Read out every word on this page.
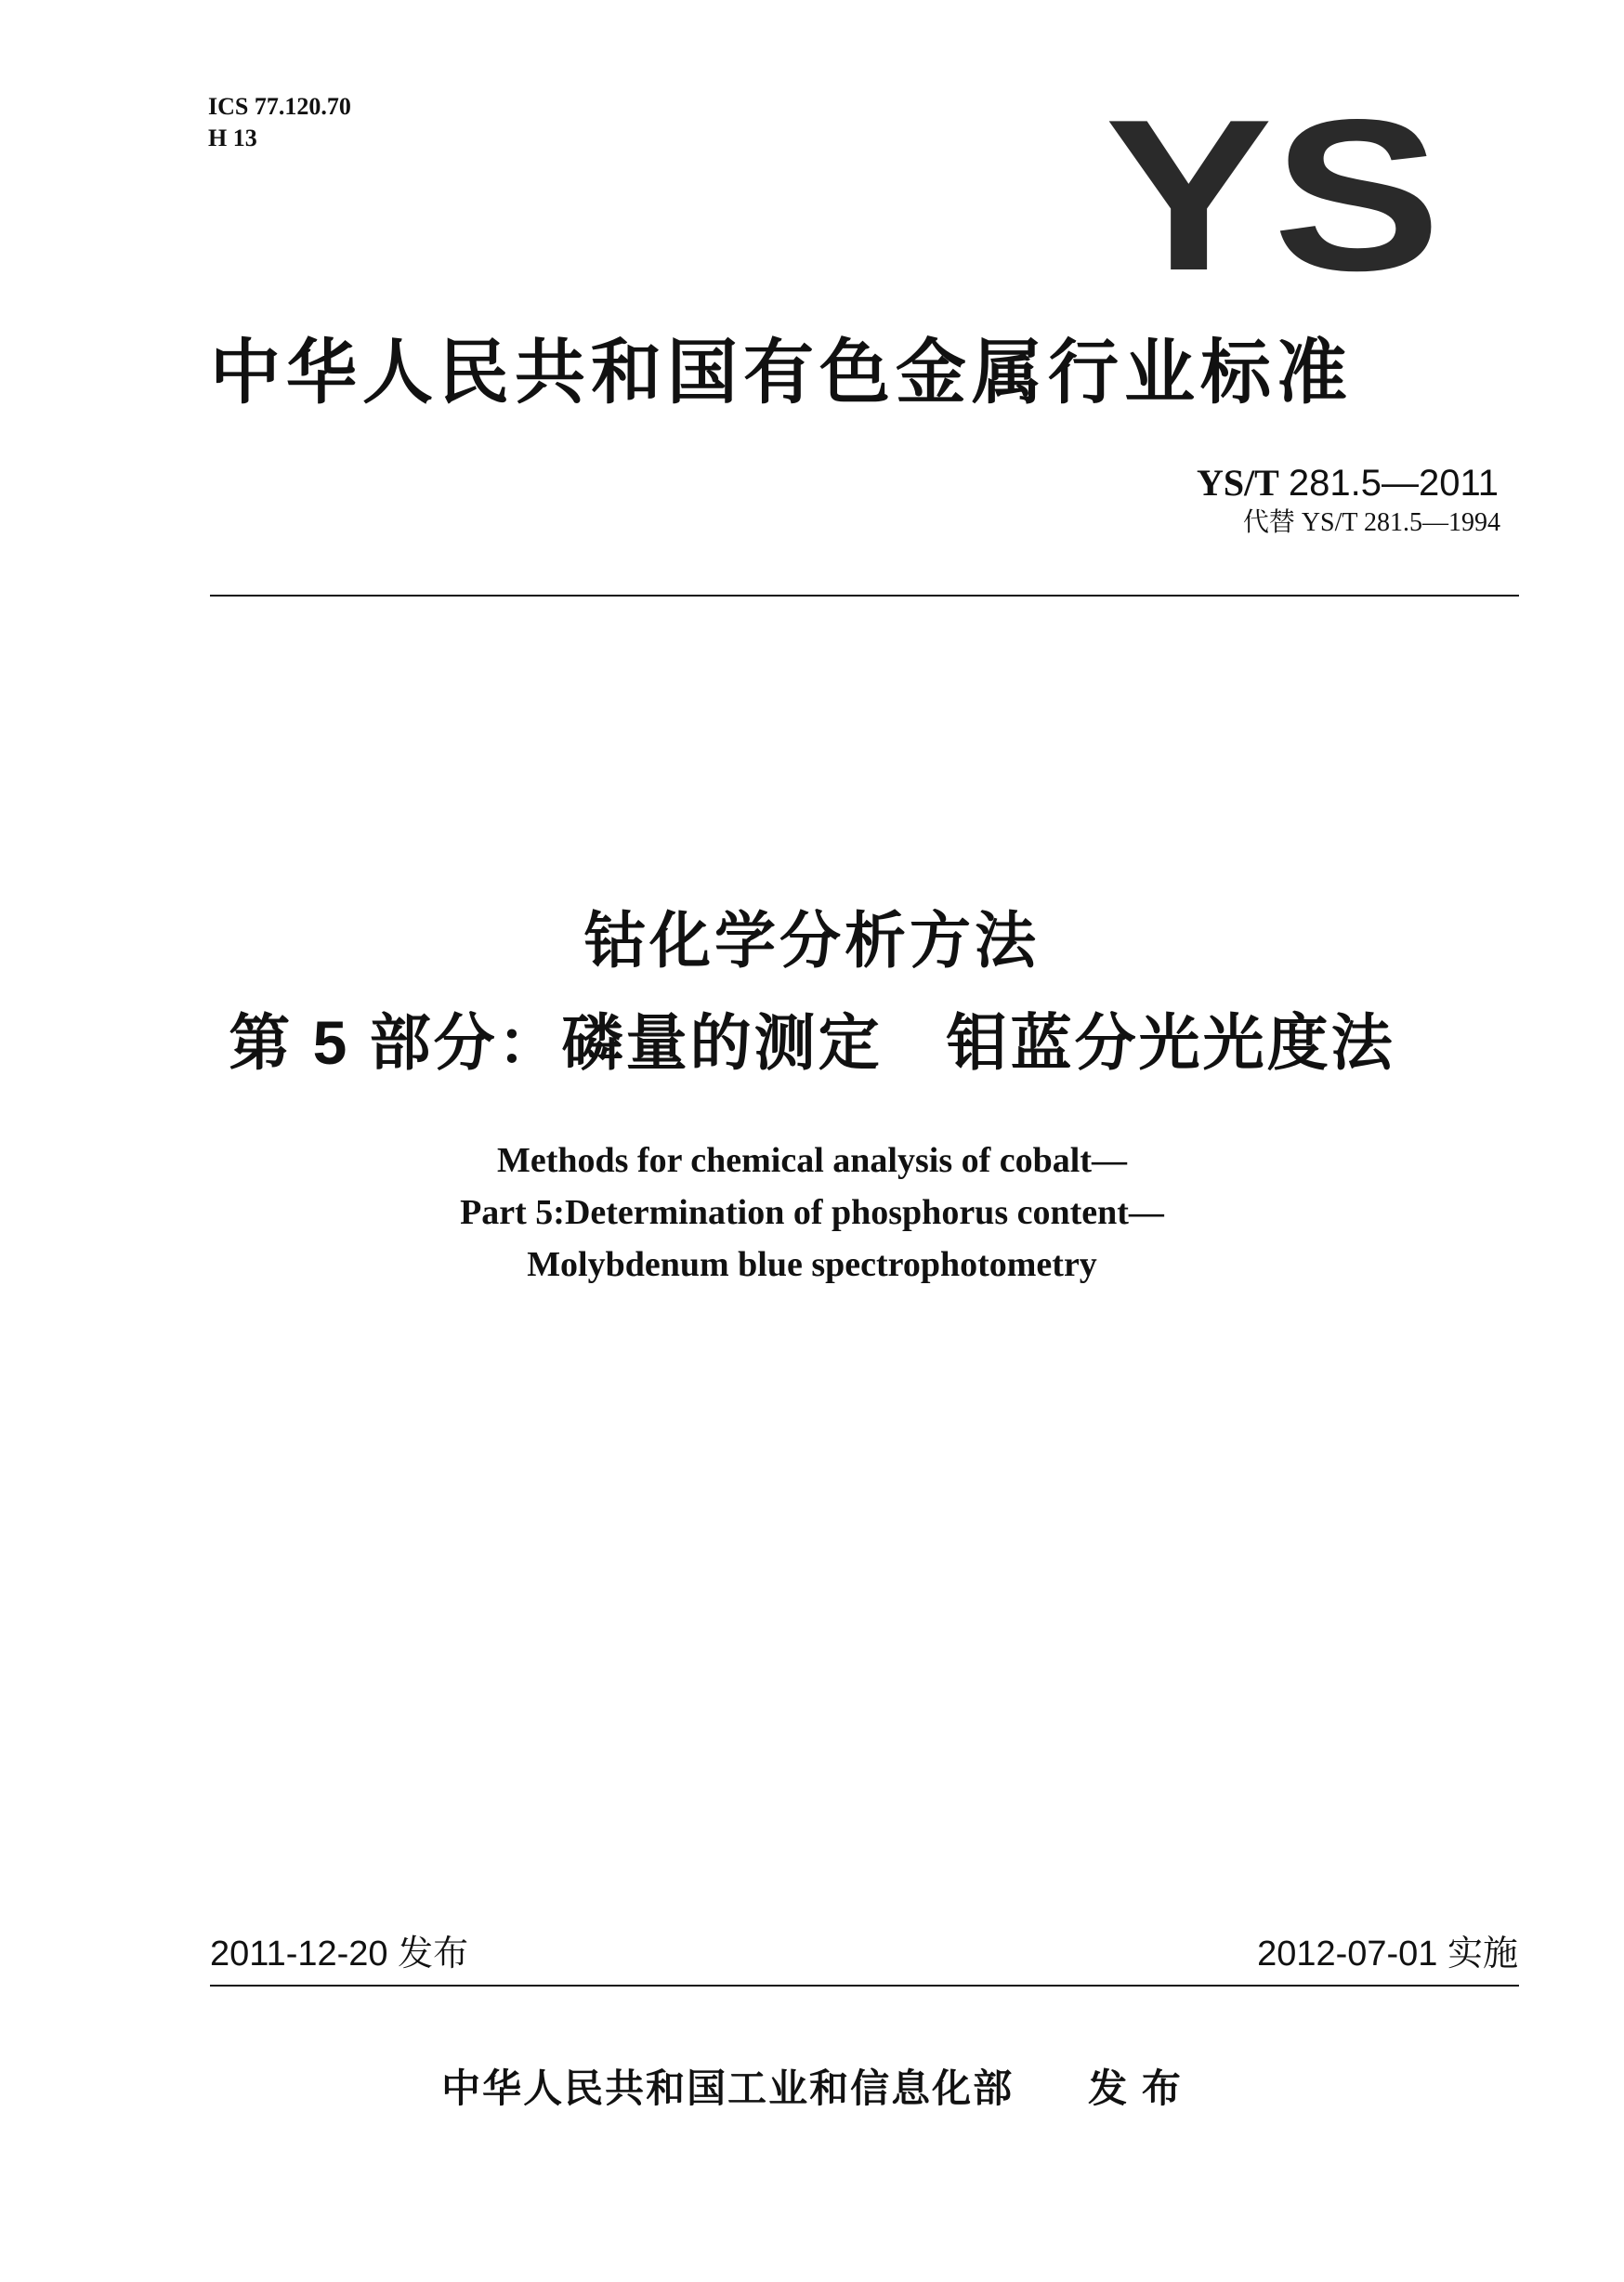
ICS 77.120.70
H 13	YS
中华人民共和国有色金属行业标准
YS/T 281.5—2011
代替 YS/T 281.5—1994
钴化学分析方法
第 5 部分：磷量的测定　钼蓝分光光度法
Methods for chemical analysis of cobalt—
Part 5:Determination of phosphorus content—
Molybdenum blue spectrophotometry
2011-12-20 发布	2012-07-01 实施
中华人民共和国工业和信息化部 发 布
